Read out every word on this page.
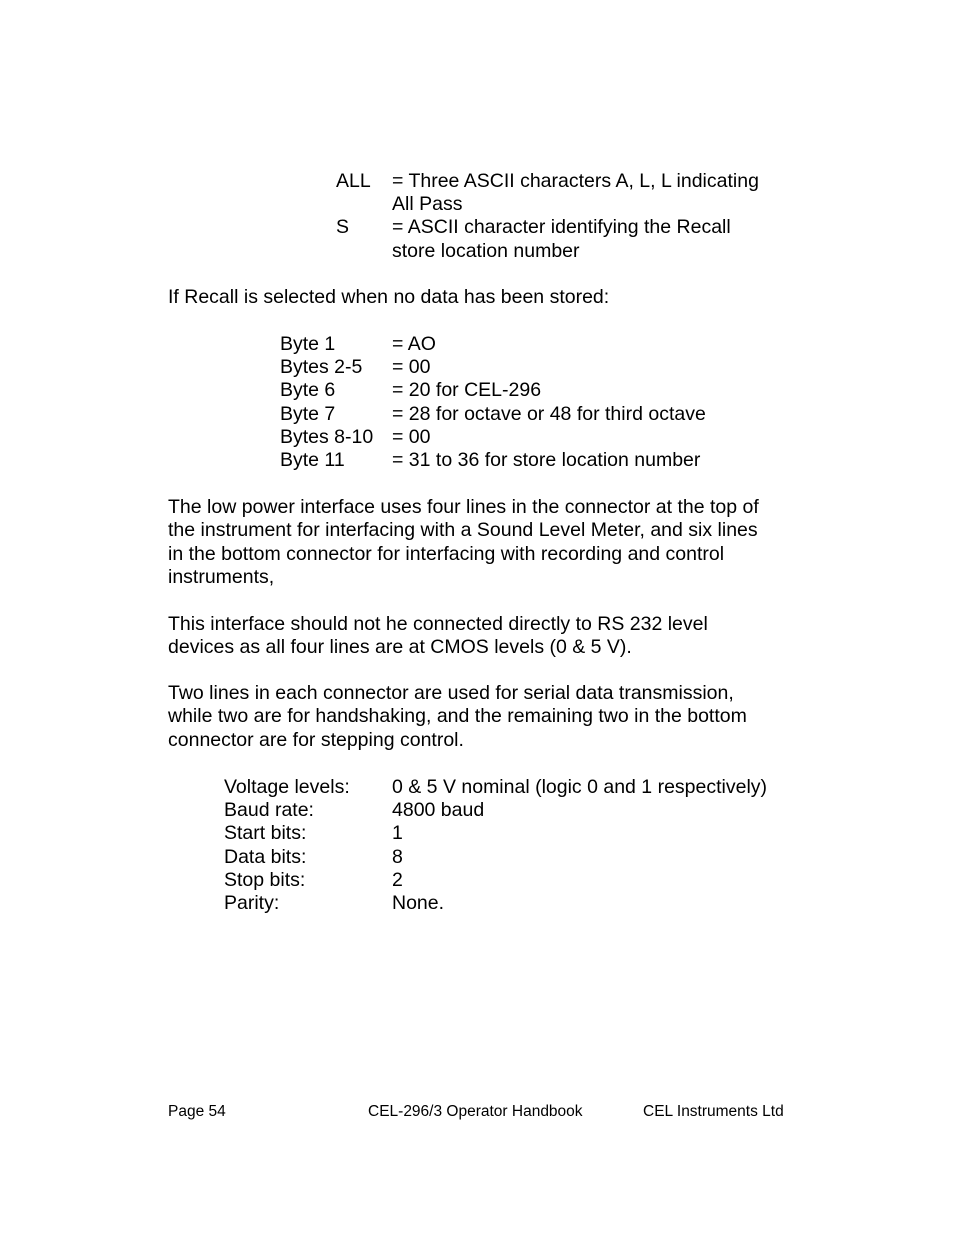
ALL = Three ASCII characters A, L, L indicating
All Pass
S = ASCII character identifying the Recall
store location number
If Recall is selected when no data has been stored:
Byte 1	= AO
Bytes 2-5 = 00
Byte 6	= 20 for CEL-296
Byte 7	= 28 for octave or 48 for third octave
Bytes 8-10 = 00
Byte 11 = 31 to 36 for store location number
The low power interface uses four lines in the connector at the top of
the instrument for interfacing with a Sound Level Meter, and six lines
in the bottom connector for interfacing with recording and control
instruments,
This interface should not he connected directly to RS 232 level
devices as all four lines are at CMOS levels (0 & 5 V).
Two lines in each connector are used for serial data transmission,
while two are for handshaking, and the remaining two in the bottom
connector are for stepping control.
Voltage levels: 0 & 5 V nominal (logic 0 and 1 respectively)
Baud rate:	4800 baud
Start bits:	1
Data bits:	8
Stop bits:	2
Parity:	None.
Page 54	CEL-296/3 Operator Handbook	CEL Instruments Ltd
